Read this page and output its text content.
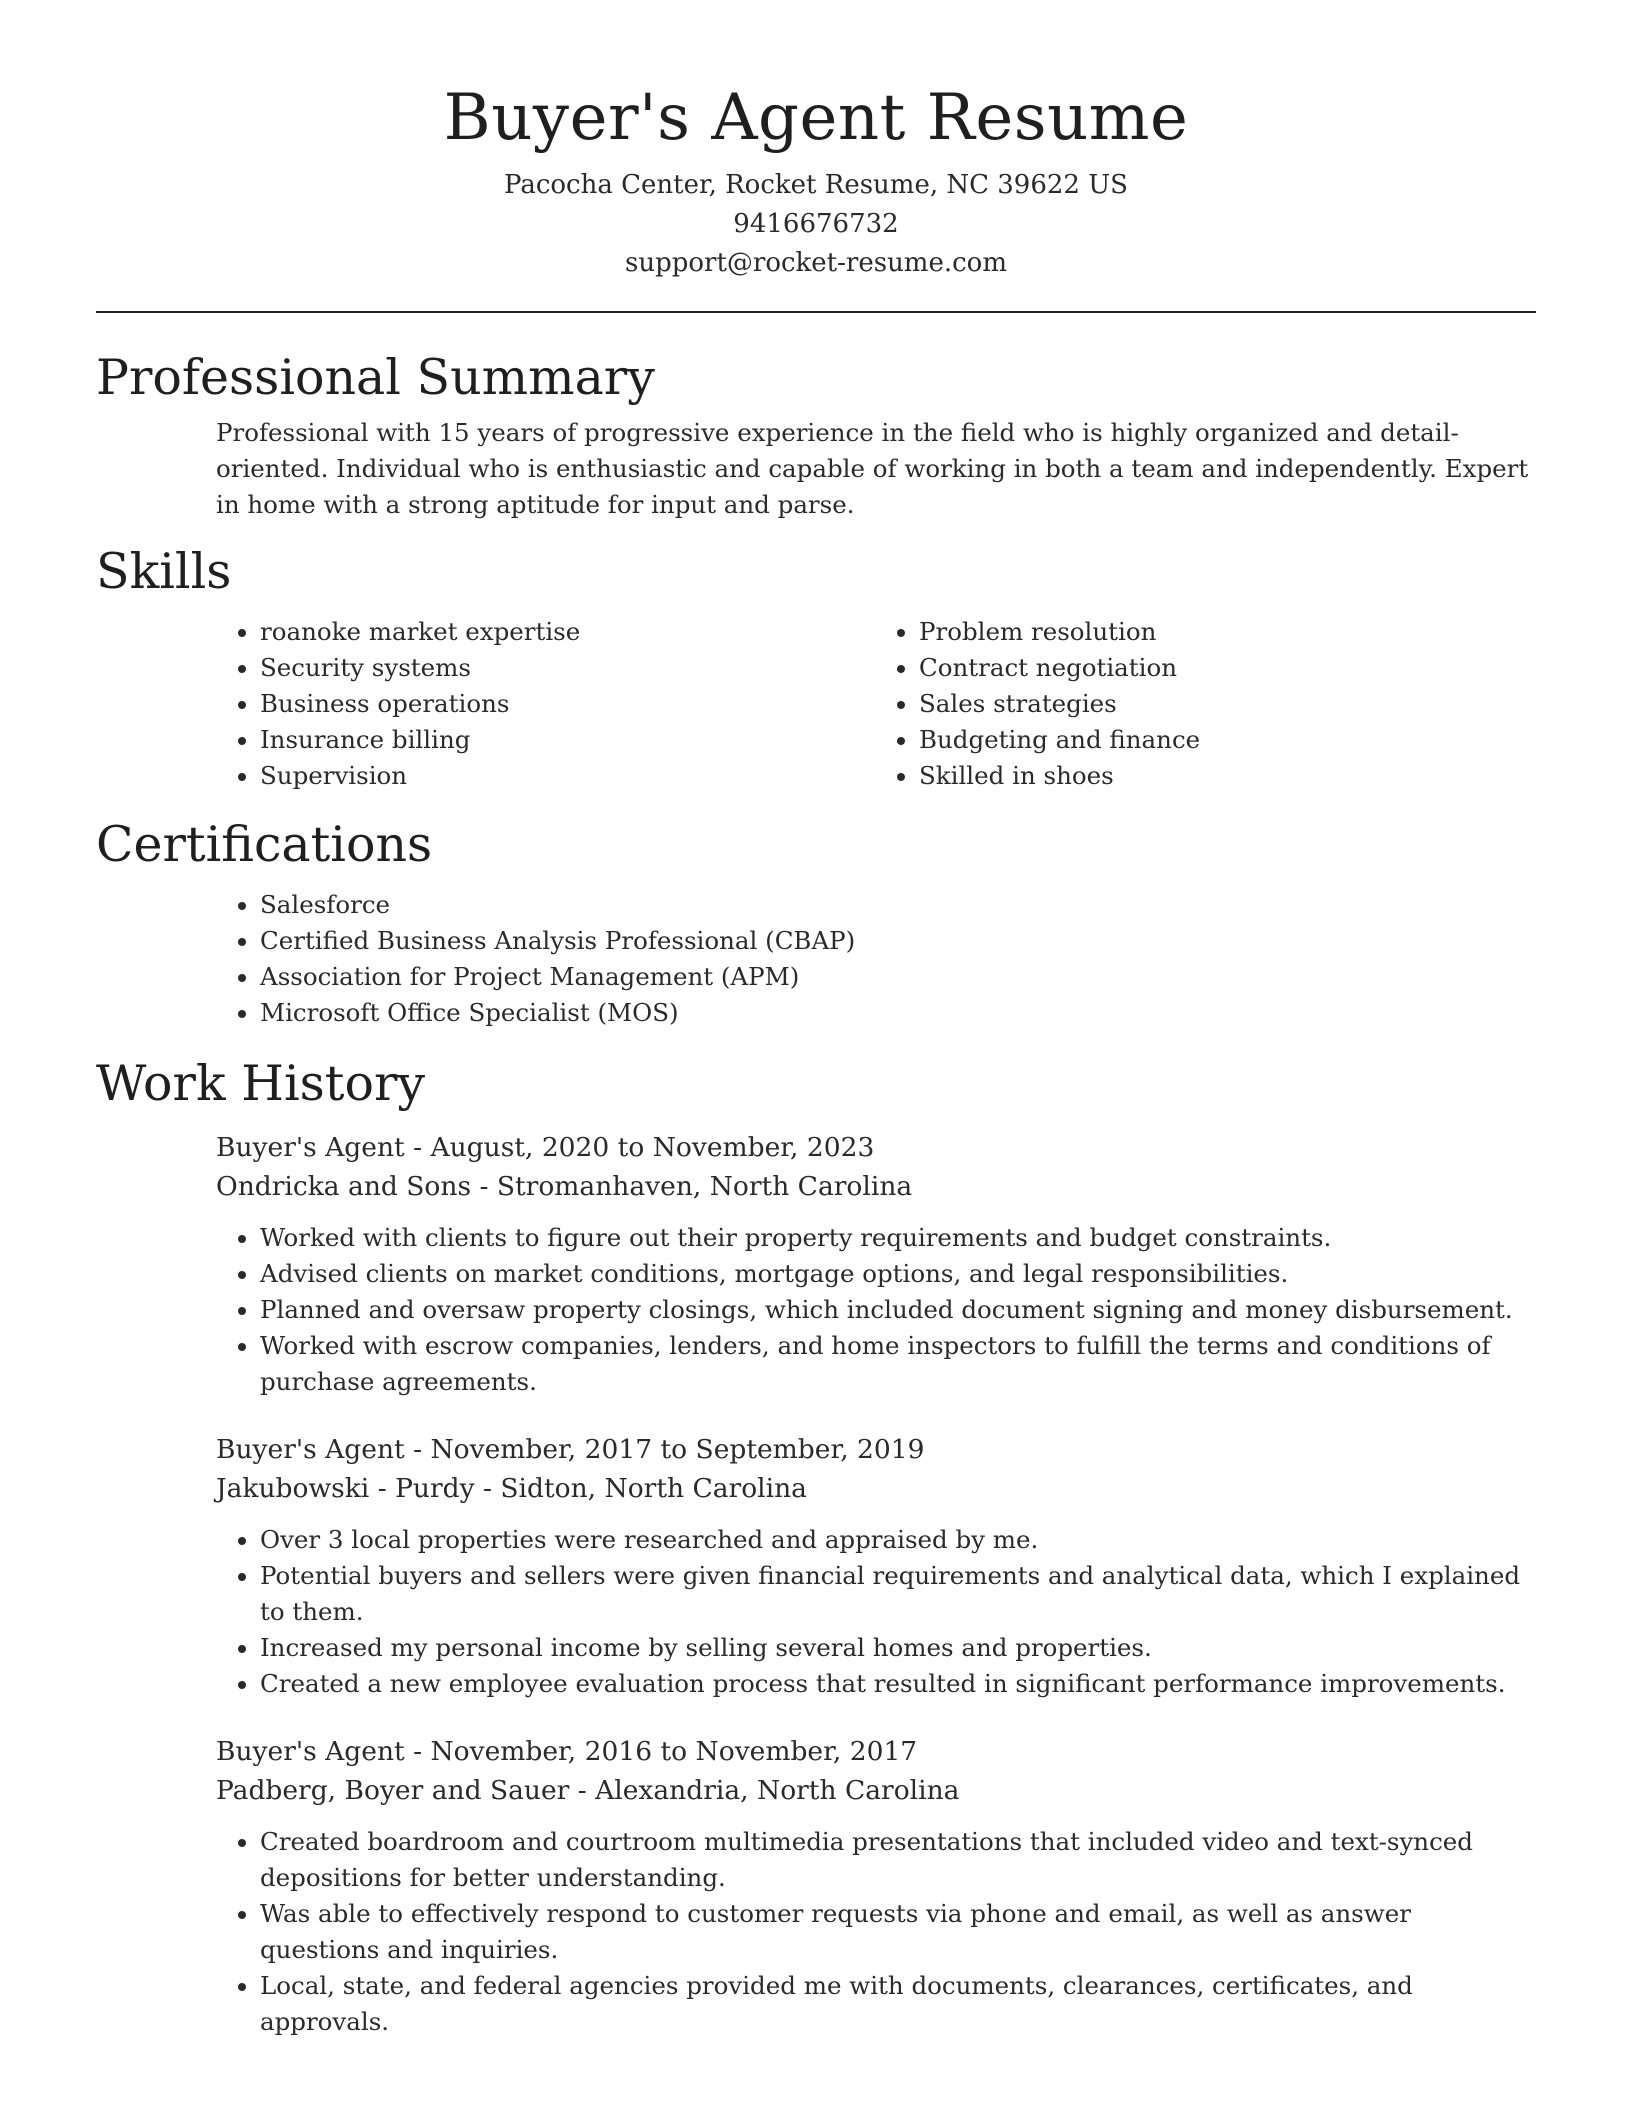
Buyer's Agent Resume
Pacocha Center, Rocket Resume, NC 39622 US
9416676732
support@rocket-resume.com
Professional Summary
Professional with 15 years of progressive experience in the field who is highly organized and detail-oriented. Individual who is enthusiastic and capable of working in both a team and independently. Expert in home with a strong aptitude for input and parse.
Skills
• roanoke market expertise
• Security systems
• Business operations
• Insurance billing
• Supervision
• Problem resolution
• Contract negotiation
• Sales strategies
• Budgeting and finance
• Skilled in shoes
Certifications
• Salesforce
• Certified Business Analysis Professional (CBAP)
• Association for Project Management (APM)
• Microsoft Office Specialist (MOS)
Work History
Buyer's Agent - August, 2020 to November, 2023
Ondricka and Sons - Stromanhaven, North Carolina
• Worked with clients to figure out their property requirements and budget constraints.
• Advised clients on market conditions, mortgage options, and legal responsibilities.
• Planned and oversaw property closings, which included document signing and money disbursement.
• Worked with escrow companies, lenders, and home inspectors to fulfill the terms and conditions of purchase agreements.
Buyer's Agent - November, 2017 to September, 2019
Jakubowski - Purdy - Sidton, North Carolina
• Over 3 local properties were researched and appraised by me.
• Potential buyers and sellers were given financial requirements and analytical data, which I explained to them.
• Increased my personal income by selling several homes and properties.
• Created a new employee evaluation process that resulted in significant performance improvements.
Buyer's Agent - November, 2016 to November, 2017
Padberg, Boyer and Sauer - Alexandria, North Carolina
• Created boardroom and courtroom multimedia presentations that included video and text-synced depositions for better understanding.
• Was able to effectively respond to customer requests via phone and email, as well as answer questions and inquiries.
• Local, state, and federal agencies provided me with documents, clearances, certificates, and approvals.
